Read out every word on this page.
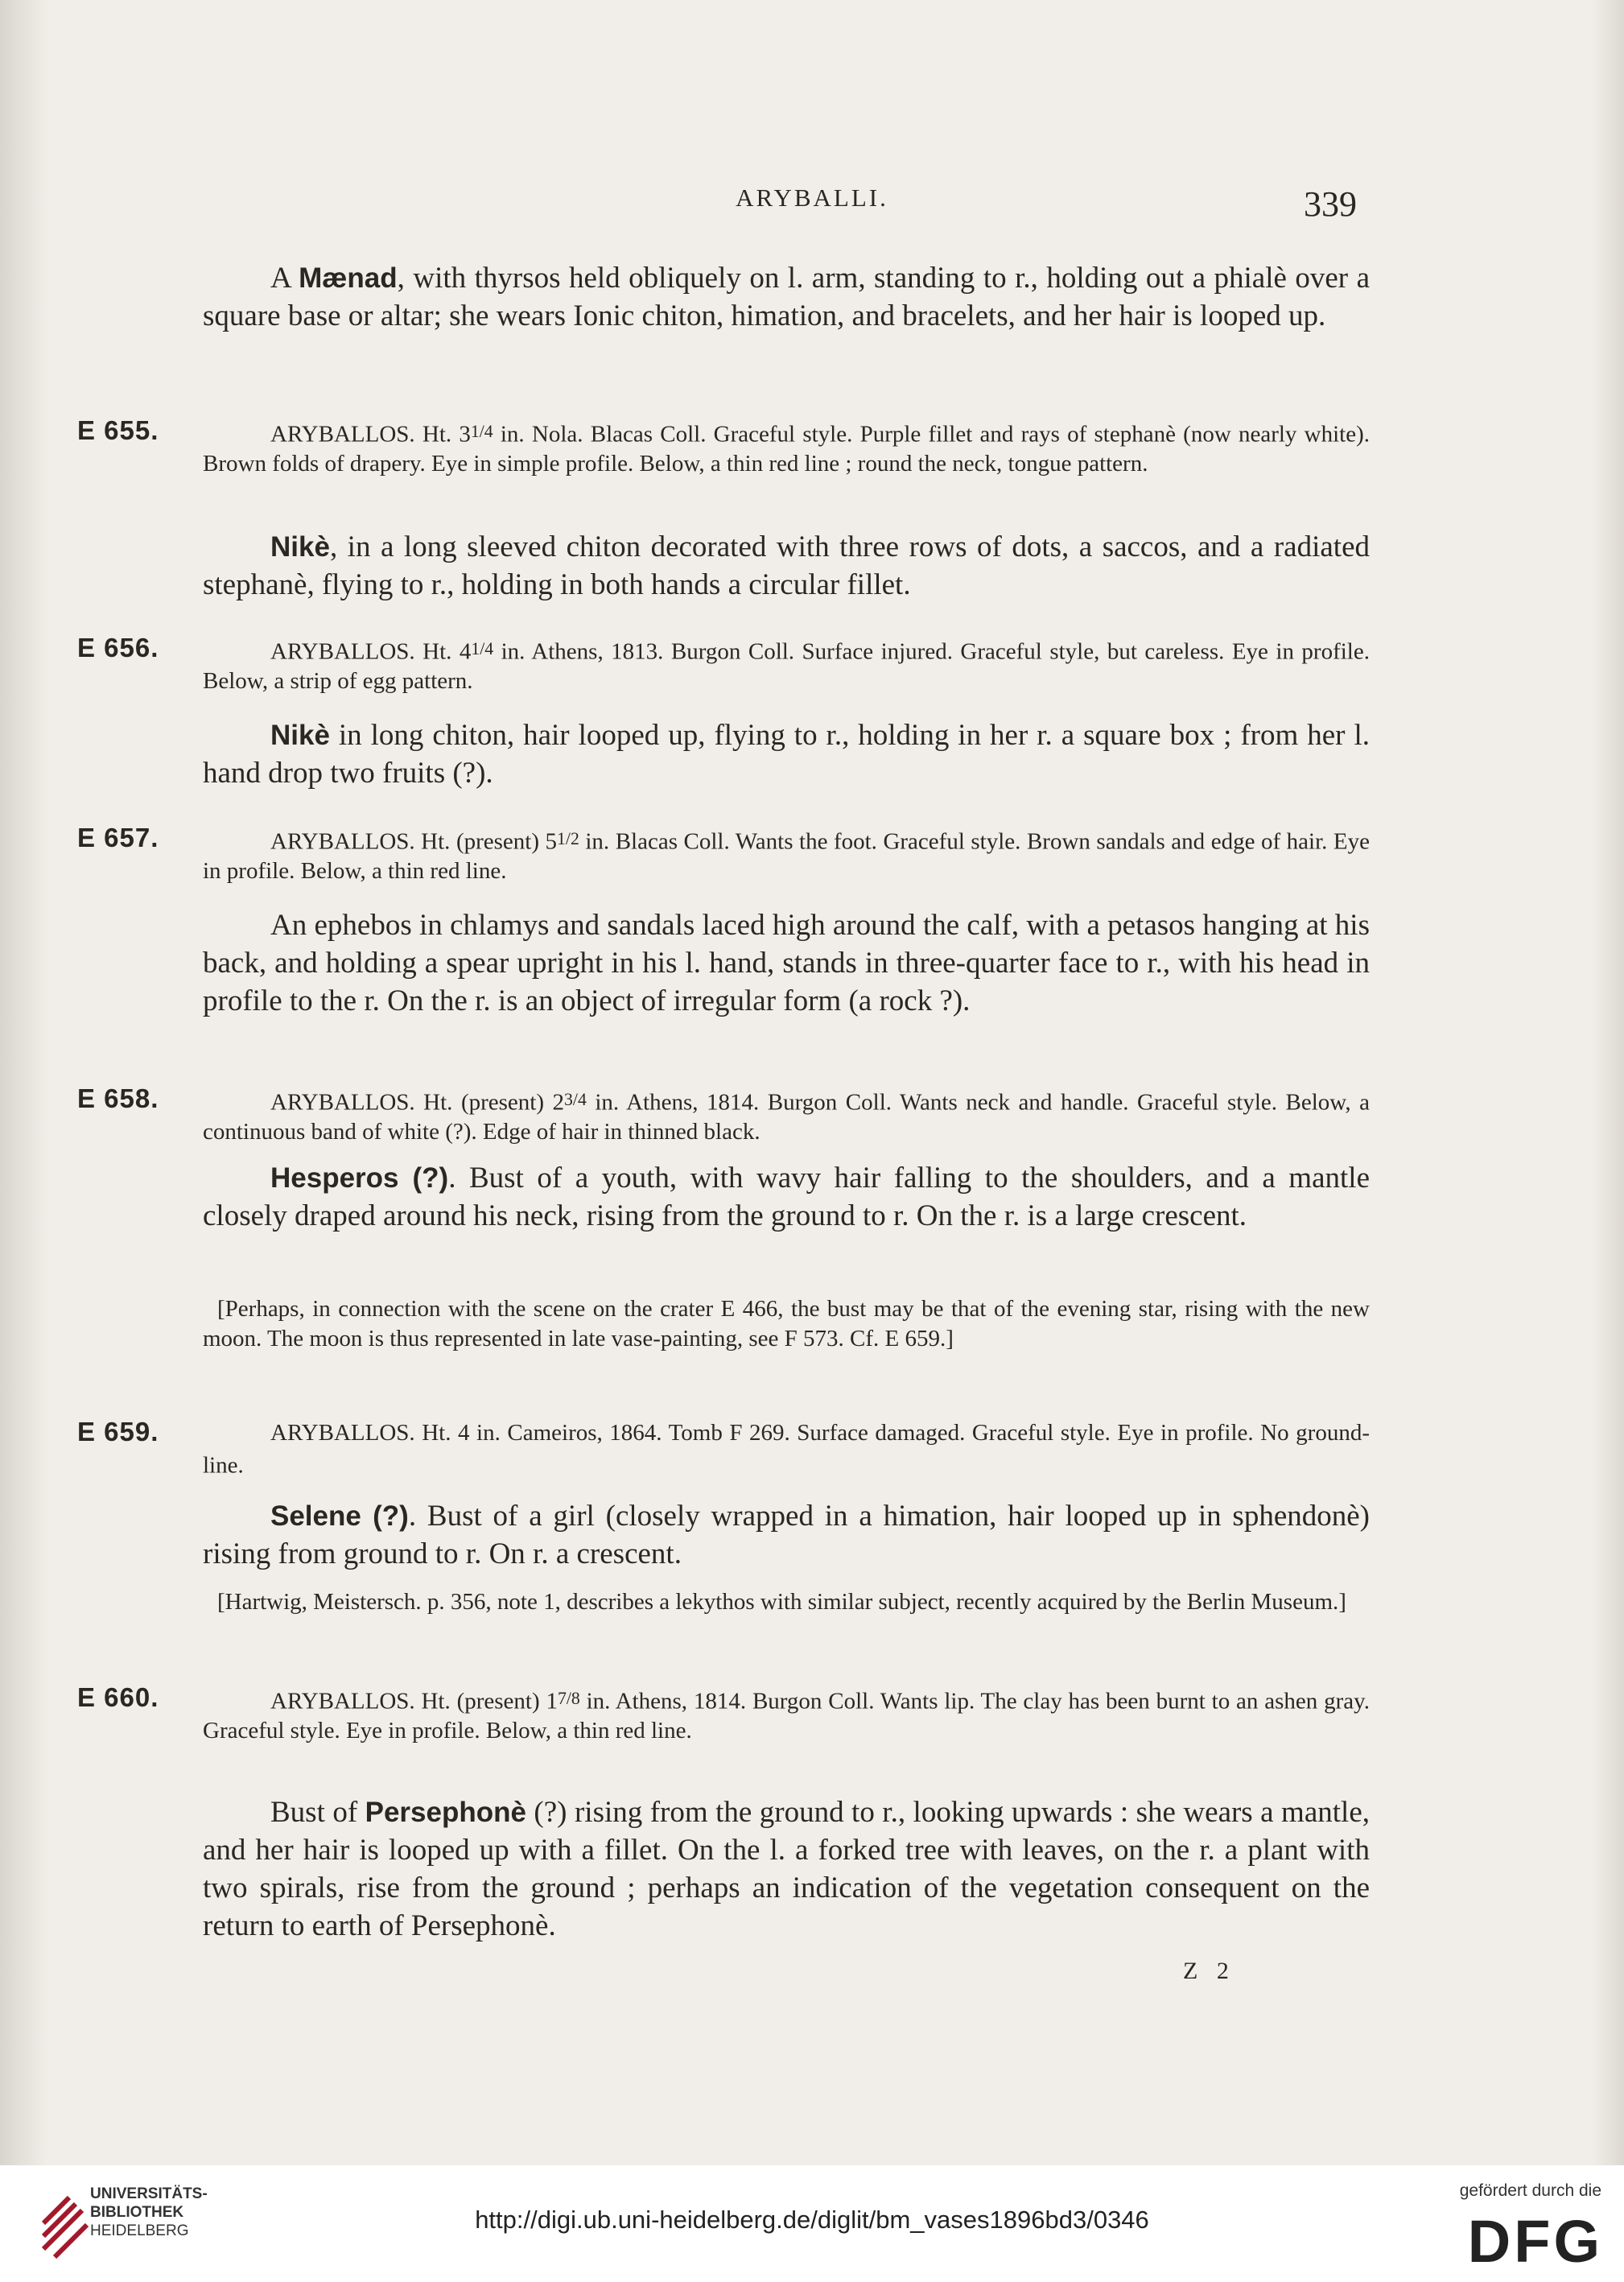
ARYBALLI.	339

A Mænad, with thyrsos held obliquely on l. arm, standing to r., holding out a phialè over a square base or altar; she wears Ionic chiton, himation, and bracelets, and her hair is looped up.

E 655.	ARYBALLOS. Ht. 31/4 in. Nola. Blacas Coll. Graceful style. Purple fillet and rays of stephanè (now nearly white). Brown folds of drapery. Eye in simple profile. Below, a thin red line ; round the neck, tongue pattern.

Nikè, in a long sleeved chiton decorated with three rows of dots, a saccos, and a radiated stephanè, flying to r., holding in both hands a circular fillet.

E 656.	ARYBALLOS. Ht. 41/4 in. Athens, 1813. Burgon Coll. Surface injured. Graceful style, but careless. Eye in profile. Below, a strip of egg pattern.

Nikè in long chiton, hair looped up, flying to r., holding in her r. a square box ; from her l. hand drop two fruits (?).

E 657.	ARYBALLOS. Ht. (present) 51/2 in. Blacas Coll. Wants the foot. Graceful style. Brown sandals and edge of hair. Eye in profile. Below, a thin red line.

An ephebos in chlamys and sandals laced high around the calf, with a petasos hanging at his back, and holding a spear upright in his l. hand, stands in three-quarter face to r., with his head in profile to the r. On the r. is an object of irregular form (a rock ?).

E 658.	ARYBALLOS. Ht. (present) 23/4 in. Athens, 1814. Burgon Coll. Wants neck and handle. Graceful style. Below, a continuous band of white (?). Edge of hair in thinned black.

Hesperos (?). Bust of a youth, with wavy hair falling to the shoulders, and a mantle closely draped around his neck, rising from the ground to r. On the r. is a large crescent.

[Perhaps, in connection with the scene on the crater E 466, the bust may be that of the evening star, rising with the new moon. The moon is thus represented in late vase-painting, see F 573. Cf. E 659.]

E 659.	ARYBALLOS. Ht. 4 in. Cameiros, 1864. Tomb F 269. Surface damaged. Graceful style. Eye in profile. No ground-line.

Selene (?). Bust of a girl (closely wrapped in a himation, hair looped up in sphendonè) rising from ground to r. On r. a crescent.

[Hartwig, Meistersch. p. 356, note 1, describes a lekythos with similar subject, recently acquired by the Berlin Museum.]

E 660.	ARYBALLOS. Ht. (present) 17/8 in. Athens, 1814. Burgon Coll. Wants lip. The clay has been burnt to an ashen gray. Graceful style. Eye in profile. Below, a thin red line.

Bust of Persephonè (?) rising from the ground to r., looking upwards : she wears a mantle, and her hair is looped up with a fillet. On the l. a forked tree with leaves, on the r. a plant with two spirals, rise from the ground ; perhaps an indication of the vegetation consequent on the return to earth of Persephonè.

Z 2
UNIVERSITÄTS-
BIBLIOTHEK
HEIDELBERG	http://digi.ub.uni-heidelberg.de/diglit/bm_vases1896bd3/0346
gefördert durch die
DFG
